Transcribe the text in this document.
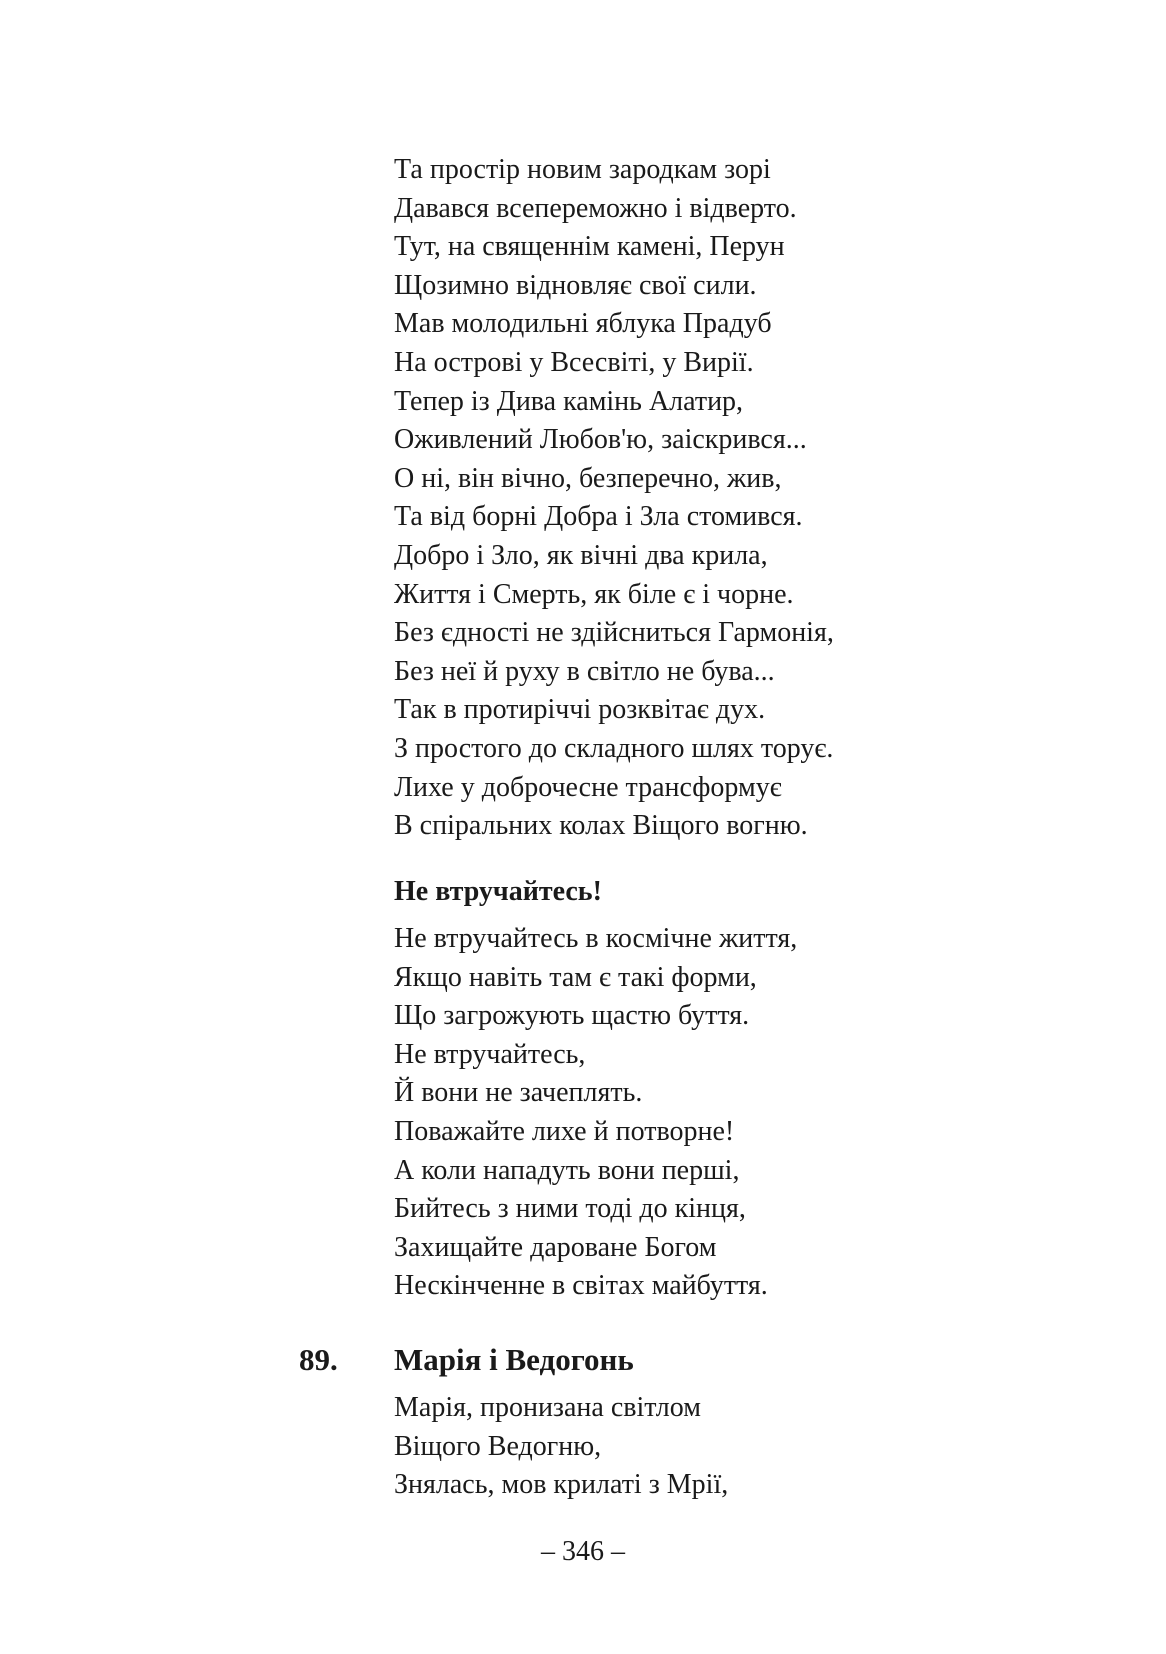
Та простір новим зародкам зорі
Давався всепереможно і відверто.
Тут, на священнім камені, Перун
Щозимно відновляє свої сили.
Мав молодильні яблука Прадуб
На острові у Всесвіті, у Вирії.
Тепер із Дива камінь Алатир,
Оживлений Любов'ю, заіскрився...
О ні, він вічно, безперечно, жив,
Та від борні Добра і Зла стомився.
Добро і Зло, як вічні два крила,
Життя і Смерть, як біле є і чорне.
Без єдності не здійсниться Гармонія,
Без неї й руху в світло не бува...
Так в протиріччі розквітає дух.
З простого до складного шлях торує.
Лихе у доброчесне трансформує
В спіральних колах Віщого вогню.
Не втручайтесь!
Не втручайтесь в космічне життя,
Якщо навіть там є такі форми,
Що загрожують щастю буття.
Не втручайтесь,
Й вони не зачеплять.
Поважайте лихе й потворне!
А коли нападуть вони перші,
Бийтесь з ними тоді до кінця,
Захищайте дароване Богом
Нескінченне в світах майбуття.
89. Марія і Ведогонь
Марія, пронизана світлом
Віщого Ведогню,
Знялась, мов крилаті з Мрії,
– 346 –
